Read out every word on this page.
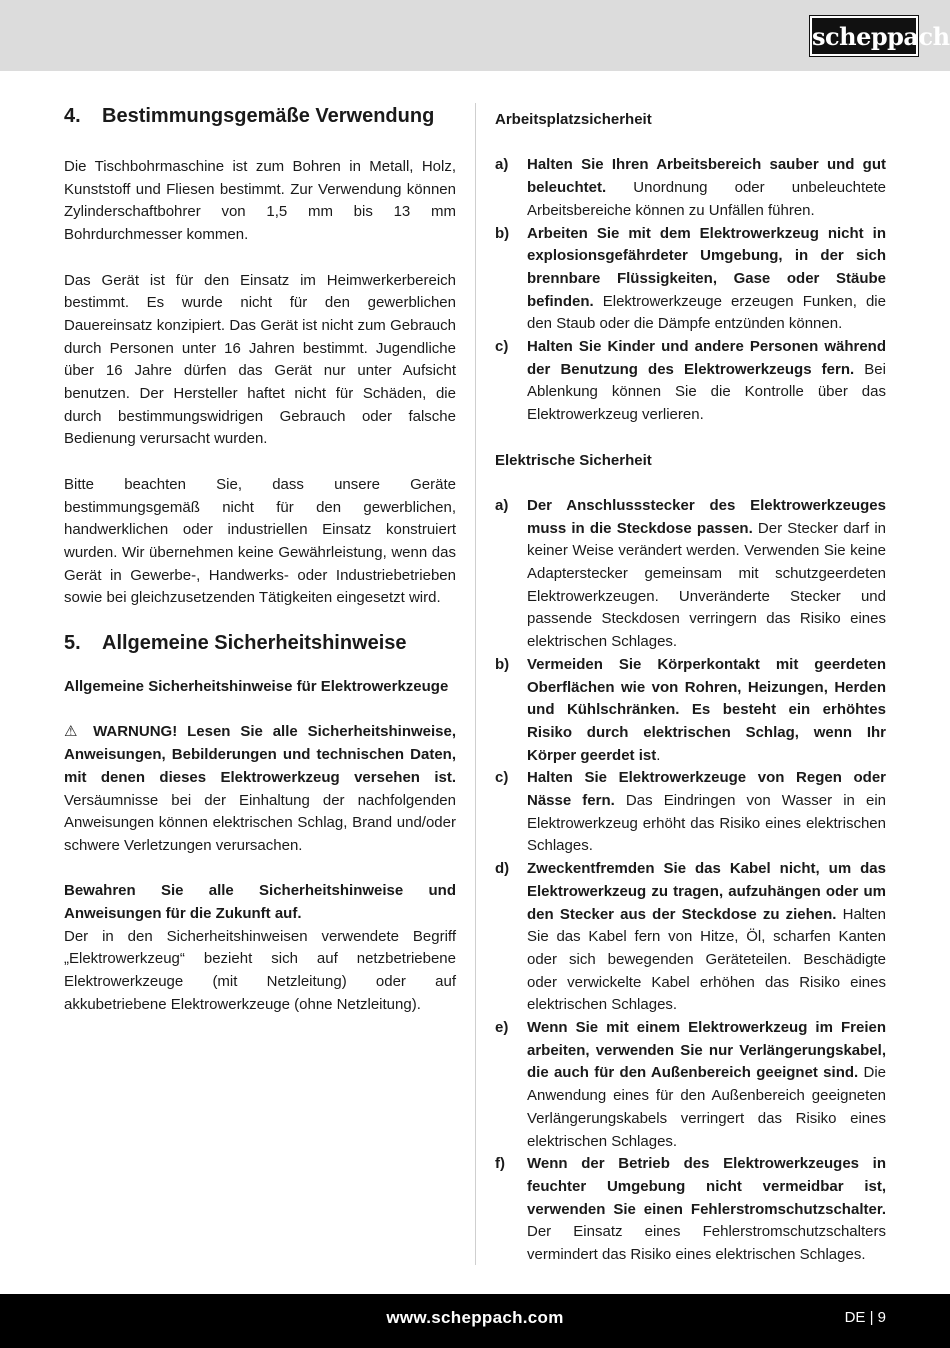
scheppach
4.	Bestimmungsgemäße Verwendung

Die Tischbohrmaschine ist zum Bohren in Metall, Holz, Kunststoff und Fliesen bestimmt. Zur Verwendung können Zylinderschaftbohrer von 1,5 mm bis 13 mm Bohrdurchmesser kommen.

Das Gerät ist für den Einsatz im Heimwerkerbereich bestimmt. Es wurde nicht für den gewerblichen Dauereinsatz konzipiert. Das Gerät ist nicht zum Gebrauch durch Personen unter 16 Jahren bestimmt. Jugendliche über 16 Jahre dürfen das Gerät nur unter Aufsicht benutzen. Der Hersteller haftet nicht für Schäden, die durch bestimmungswidrigen Gebrauch oder falsche Bedienung verursacht wurden.

Bitte beachten Sie, dass unsere Geräte bestimmungsgemäß nicht für den gewerblichen, handwerklichen oder industriellen Einsatz konstruiert wurden. Wir übernehmen keine Gewährleistung, wenn das Gerät in Gewerbe-, Handwerks- oder Industriebetrieben sowie bei gleichzusetzenden Tätigkeiten eingesetzt wird.

5.	Allgemeine Sicherheitshinweise

Allgemeine Sicherheitshinweise für Elektrowerkzeuge

⚠ WARNUNG! Lesen Sie alle Sicherheitshinweise, Anweisungen, Bebilderungen und technischen Daten, mit denen dieses Elektrowerkzeug versehen ist. Versäumnisse bei der Einhaltung der nachfolgenden Anweisungen können elektrischen Schlag, Brand und/oder schwere Verletzungen verursachen.

Bewahren Sie alle Sicherheitshinweise und Anweisungen für die Zukunft auf.
Der in den Sicherheitshinweisen verwendete Begriff „Elektrowerkzeug“ bezieht sich auf netzbetriebene Elektrowerkzeuge (mit Netzleitung) oder auf akkubetriebene Elektrowerkzeuge (ohne Netzleitung).

Arbeitsplatzsicherheit

a)	Halten Sie Ihren Arbeitsbereich sauber und gut beleuchtet. Unordnung oder unbeleuchtete Arbeitsbereiche können zu Unfällen führen.
b)	Arbeiten Sie mit dem Elektrowerkzeug nicht in explosionsgefährdeter Umgebung, in der sich brennbare Flüssigkeiten, Gase oder Stäube befinden. Elektrowerkzeuge erzeugen Funken, die den Staub oder die Dämpfe entzünden können.
c)	Halten Sie Kinder und andere Personen während der Benutzung des Elektrowerkzeugs fern. Bei Ablenkung können Sie die Kontrolle über das Elektrowerkzeug verlieren.

Elektrische Sicherheit

a)	Der Anschlussstecker des Elektrowerkzeuges muss in die Steckdose passen. Der Stecker darf in keiner Weise verändert werden. Verwenden Sie keine Adapterstecker gemeinsam mit schutzgeerdeten Elektrowerkzeugen. Unveränderte Stecker und passende Steckdosen verringern das Risiko eines elektrischen Schlages.
b)	Vermeiden Sie Körperkontakt mit geerdeten Oberflächen wie von Rohren, Heizungen, Herden und Kühlschränken. Es besteht ein erhöhtes Risiko durch elektrischen Schlag, wenn Ihr Körper geerdet ist.
c)	Halten Sie Elektrowerkzeuge von Regen oder Nässe fern. Das Eindringen von Wasser in ein Elektrowerkzeug erhöht das Risiko eines elektrischen Schlages.
d)	Zweckentfremden Sie das Kabel nicht, um das Elektrowerkzeug zu tragen, aufzuhängen oder um den Stecker aus der Steckdose zu ziehen. Halten Sie das Kabel fern von Hitze, Öl, scharfen Kanten oder sich bewegenden Geräteteilen. Beschädigte oder verwickelte Kabel erhöhen das Risiko eines elektrischen Schlages.
e)	Wenn Sie mit einem Elektrowerkzeug im Freien arbeiten, verwenden Sie nur Verlängerungskabel, die auch für den Außenbereich geeignet sind. Die Anwendung eines für den Außenbereich geeigneten Verlängerungskabels verringert das Risiko eines elektrischen Schlages.
f)	Wenn der Betrieb des Elektrowerkzeuges in feuchter Umgebung nicht vermeidbar ist, verwenden Sie einen Fehlerstromschutzschalter. Der Einsatz eines Fehlerstromschutzschalters vermindert das Risiko eines elektrischen Schlages.
www.scheppach.com	DE | 9
